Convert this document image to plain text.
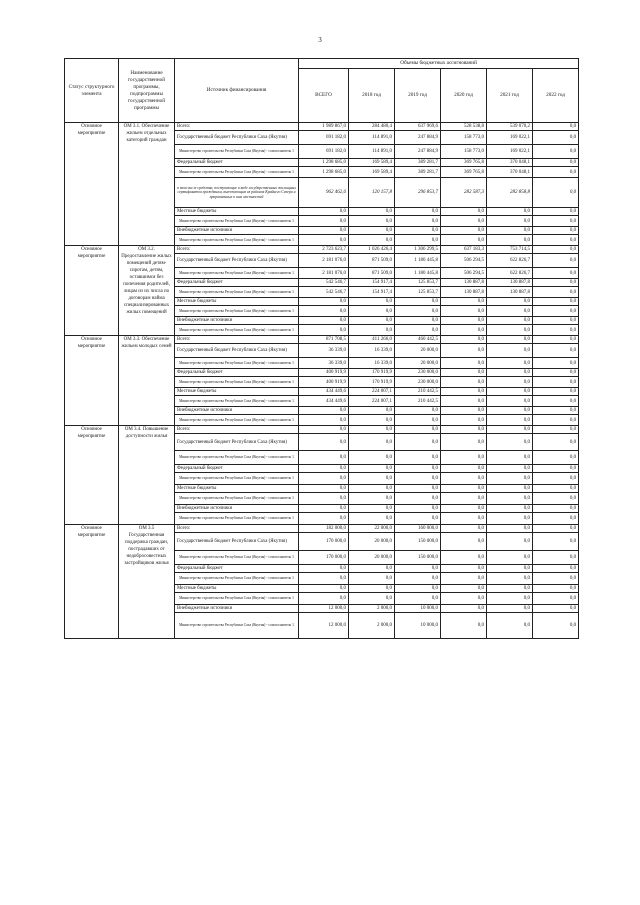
3
Статус структурного элемента	Наименование государственной программы, подпрограммы государственной программы	Источник финансирования	Объемы бюджетных ассигнований					
			ВСЕГО	2018 год	2019 год	2020 год	2021 год	2022 год
Основное мероприятие	ОМ 3.1. Обеспечение жильем отдельных категорий граждан	Всего:	1 989 867,0	284 480,4	637 969,6	528 538,8	539 070,2	0,0
		Государственный бюджет Республики Саха (Якутия)	691 182,0	114 891,0	247 884,9	158 773,0	169 022,1	0,0
		Министерство строительства Республики Саха (Якутия) - соисполнитель 1	691 182,0	114 891,0	247 884,9	158 773,0	169 022,1	0,0
		Федеральный бюджет	1 298 685,0	169 589,4	389 281,7	369 765,8	370 048,1	0,0
		Министерство строительства Республики Саха (Якутия) - соисполнитель 1	1 298 685,0	169 589,4	389 281,7	369 765,8	370 048,1	0,0
		в том числе средства, поступающие в виде государственных жилищных сертификатов гражданам, выезжающим из районов Крайнего Севера и приравненных к ним местностей	962 462,6	120 157,8	296 853,7	282 587,3	282 858,8	0,0
		Местные бюджеты	0,0	0,0	0,0	0,0	0,0	0,0
		Министерство строительства Республики Саха (Якутия) - соисполнитель 1	0,0	0,0	0,0	0,0	0,0	0,0
		Внебюджетные источники	0,0	0,0	0,0	0,0	0,0	0,0
		Министерство строительства Республики Саха (Якутия) - соисполнитель 1	0,0	0,0	0,0	0,0	0,0	0,0
Основное мероприятие	ОМ 3.2. Предоставление жилых помещений детям-сиротам, детям, оставшимся без попечения родителей, лицам из их числа по договорам найма специализированных жилых помещений	Всего:	2 723 623,7	1 026 426,4	1 306 299,5	637 183,3	753 714,5	0,0
		Государственный бюджет Республики Саха (Якутия)	2 181 076,0	871 509,0	1 180 445,8	506 294,5	622 826,7	0,0
		Министерство строительства Республики Саха (Якутия) - соисполнитель 1	2 181 076,0	871 509,0	1 180 445,8	506 294,5	622 826,7	0,0
		Федеральный бюджет	542 546,7	154 917,4	125 853,7	130 887,8	130 887,8	0,0
		Министерство строительства Республики Саха (Якутия) - соисполнитель 1	542 546,7	154 917,4	125 853,7	130 887,8	130 887,8	0,0
		Местные бюджеты	0,0	0,0	0,0	0,0	0,0	0,0
		Министерство строительства Республики Саха (Якутия) - соисполнитель 1	0,0	0,0	0,0	0,0	0,0	0,0
		Внебюджетные источники	0,0	0,0	0,0	0,0	0,0	0,0
		Министерство строительства Республики Саха (Якутия) - соисполнитель 1	0,0	0,0	0,0	0,0	0,0	0,0
Основное мероприятие	ОМ 3.3. Обеспечение жильем молодых семей	Всего:	871 708,5	411 266,0	460 442,5	0,0	0,0	0,0
		Государственный бюджет Республики Саха (Якутия)	36 339,0	16 339,0	20 000,0	0,0	0,0	0,0
		Министерство строительства Республики Саха (Якутия) - соисполнитель 1	36 339,0	16 339,0	20 000,0	0,0	0,0	0,0
		Федеральный бюджет	400 919,9	170 919,9	230 000,0	0,0	0,0	0,0
		Министерство строительства Республики Саха (Якутия) - соисполнитель 1	400 919,9	170 919,9	230 000,0	0,0	0,0	0,0
		Местные бюджеты	434 449,6	224 007,1	210 442,5	0,0	0,0	0,0
		Министерство строительства Республики Саха (Якутия) - соисполнитель 1	434 449,6	224 007,1	210 442,5	0,0	0,0	0,0
		Внебюджетные источники	0,0	0,0	0,0	0,0	0,0	0,0
		Министерство строительства Республики Саха (Якутия) - соисполнитель 1	0,0	0,0	0,0	0,0	0,0	0,0
Основное мероприятие	ОМ 3.4. Повышение доступности жилья	Всего:	0,0	0,0	0,0	0,0	0,0	0,0
		Государственный бюджет Республики Саха (Якутия)	0,0	0,0	0,0	0,0	0,0	0,0
		Министерство строительства Республики Саха (Якутия) - соисполнитель 1	0,0	0,0	0,0	0,0	0,0	0,0
		Федеральный бюджет	0,0	0,0	0,0	0,0	0,0	0,0
		Министерство строительства Республики Саха (Якутия) - соисполнитель 1	0,0	0,0	0,0	0,0	0,0	0,0
		Местные бюджеты	0,0	0,0	0,0	0,0	0,0	0,0
		Министерство строительства Республики Саха (Якутия) - соисполнитель 1	0,0	0,0	0,0	0,0	0,0	0,0
		Внебюджетные источники	0,0	0,0	0,0	0,0	0,0	0,0
		Министерство строительства Республики Саха (Якутия) - соисполнитель 1	0,0	0,0	0,0	0,0	0,0	0,0
Основное мероприятие	ОМ 3.5 Государственная поддержка граждан, пострадавших от недобросовестных застройщиков жилья	Всего:	182 000,0	22 000,0	160 000,0	0,0	0,0	0,0
		Государственный бюджет Республики Саха (Якутия)	170 000,0	20 000,0	150 000,0	0,0	0,0	0,0
		Министерство строительства Республики Саха (Якутия) - соисполнитель 1	170 000,0	20 000,0	150 000,0	0,0	0,0	0,0
		Федеральный бюджет	0,0	0,0	0,0	0,0	0,0	0,0
		Министерство строительства Республики Саха (Якутия) - соисполнитель 1	0,0	0,0	0,0	0,0	0,0	0,0
		Местные бюджеты	0,0	0,0	0,0	0,0	0,0	0,0
		Министерство строительства Республики Саха (Якутия) - соисполнитель 1	0,0	0,0	0,0	0,0	0,0	0,0
		Внебюджетные источники	12 000,0	2 000,0	10 000,0	0,0	0,0	0,0
		Министерство строительства Республики Саха (Якутия) - соисполнитель 1	12 000,0	2 000,0	10 000,0	0,0	0,0	0,0
